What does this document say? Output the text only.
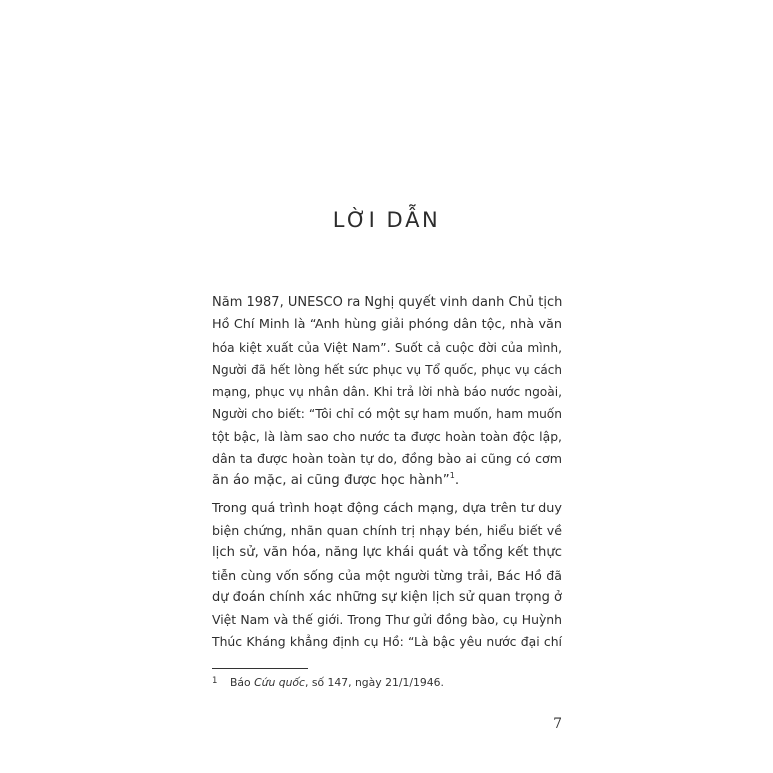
LỜI DẪN
Năm 1987, UNESCO ra Nghị quyết vinh danh Chủ tịch
Hồ Chí Minh là “Anh hùng giải phóng dân tộc, nhà văn
hóa kiệt xuất của Việt Nam”. Suốt cả cuộc đời của mình,
Người đã hết lòng hết sức phục vụ Tổ quốc, phục vụ cách
mạng, phục vụ nhân dân. Khi trả lời nhà báo nước ngoài,
Người cho biết: “Tôi chỉ có một sự ham muốn, ham muốn
tột bậc, là làm sao cho nước ta được hoàn toàn độc lập,
dân ta được hoàn toàn tự do, đồng bào ai cũng có cơm
ăn áo mặc, ai cũng được học hành”$^1$.
Trong quá trình hoạt động cách mạng, dựa trên tư duy
biện chứng, nhãn quan chính trị nhạy bén, hiểu biết về
lịch sử, văn hóa, năng lực khái quát và tổng kết thực
tiễn cùng vốn sống của một người từng trải, Bác Hồ đã
dự đoán chính xác những sự kiện lịch sử quan trọng ở
Việt Nam và thế giới. Trong Thư gửi đồng bào, cụ Huỳnh
Thúc Kháng khẳng định cụ Hồ: “Là bậc yêu nước đại chí
1 Báo Cứu quốc, số 147, ngày 21/1/1946.
7
